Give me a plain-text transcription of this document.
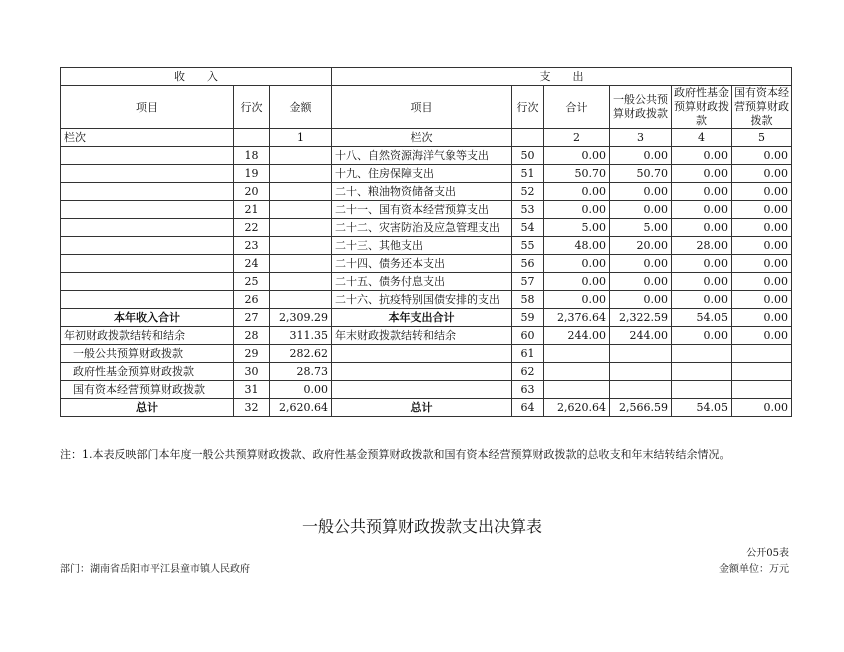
收　　入			支　　出					
项目	行次	金额	项目	行次	合计	一般公共预算财政拨款	政府性基金预算财政拨款	国有资本经营预算财政拨款
栏次		1	栏次		2	3	4	5
	18		十八、自然资源海洋气象等支出	50	0.00	0.00	0.00	0.00
	19		十九、住房保障支出	51	50.70	50.70	0.00	0.00
	20		二十、粮油物资储备支出	52	0.00	0.00	0.00	0.00
	21		二十一、国有资本经营预算支出	53	0.00	0.00	0.00	0.00
	22		二十二、灾害防治及应急管理支出	54	5.00	5.00	0.00	0.00
	23		二十三、其他支出	55	48.00	20.00	28.00	0.00
	24		二十四、债务还本支出	56	0.00	0.00	0.00	0.00
	25		二十五、债务付息支出	57	0.00	0.00	0.00	0.00
	26		二十六、抗疫特别国债安排的支出	58	0.00	0.00	0.00	0.00
本年收入合计	27	2,309.29	本年支出合计	59	2,376.64	2,322.59	54.05	0.00
年初财政拨款结转和结余	28	311.35	年末财政拨款结转和结余	60	244.00	244.00	0.00	0.00
一般公共预算财政拨款	29	282.62		61				
政府性基金预算财政拨款	30	28.73		62				
国有资本经营预算财政拨款	31	0.00		63				
总计	32	2,620.64	总计	64	2,620.64	2,566.59	54.05	0.00
注：1.本表反映部门本年度一般公共预算财政拨款、政府性基金预算财政拨款和国有资本经营预算财政拨款的总收支和年末结转结余情况。
一般公共预算财政拨款支出决算表
公开05表
部门：湖南省岳阳市平江县童市镇人民政府	金额单位：万元
